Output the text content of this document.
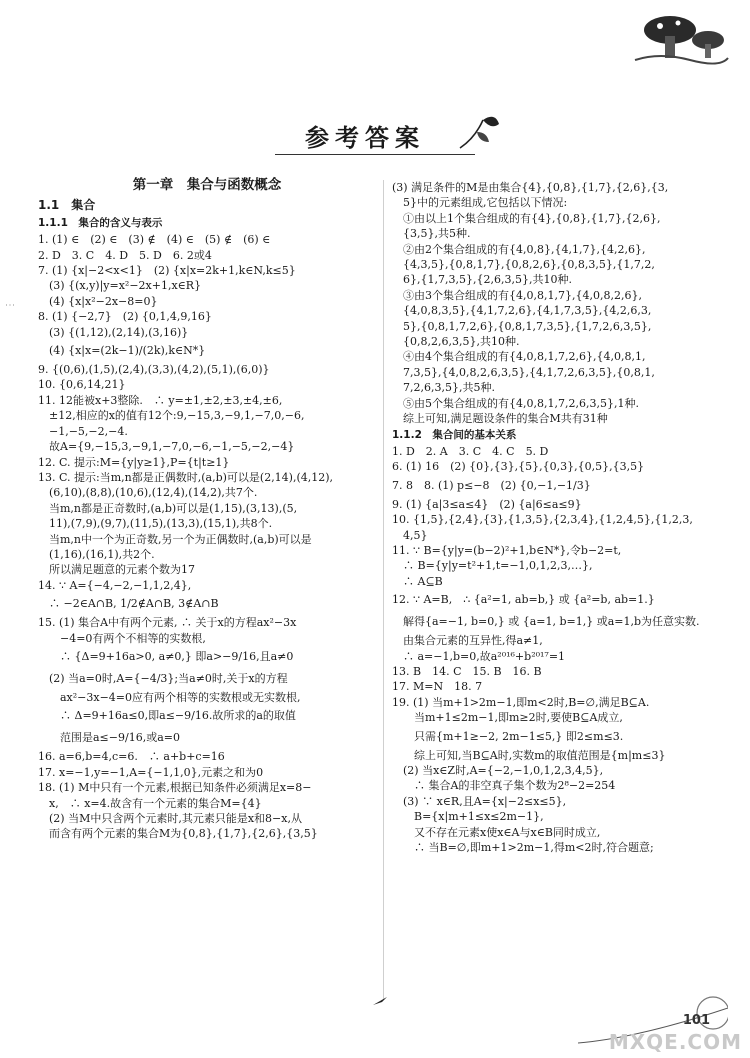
⋮
参考答案
第一章　集合与函数概念
1.1　集合
1.1.1　集合的含义与表示
1. (1) ∈　(2) ∈　(3) ∉　(4) ∈　(5) ∉　(6) ∈
2. D　3. C　4. D　5. D　6. 2或4
7. (1) {x|−2<x<1}　(2) {x|x=2k+1,k∈N,k≤5}
　(3) {(x,y)|y=x²−2x+1,x∈R}
　(4) {x|x²−2x−8=0}
8. (1) {−2,7}　(2) {0,1,4,9,16}
　(3) {(1,12),(2,14),(3,16)}
　(4) {x|x=(2k−1)/(2k),k∈N*}
9. {(0,6),(1,5),(2,4),(3,3),(4,2),(5,1),(6,0)}
10. {0,6,14,21}
11. 12能被x+3整除.　∴ y=±1,±2,±3,±4,±6,
　±12,相应的x的值有12个:9,−15,3,−9,1,−7,0,−6,
　−1,−5,−2,−4.
　故A={9,−15,3,−9,1,−7,0,−6,−1,−5,−2,−4}
12. C. 提示:M={y|y≥1},P={t|t≥1}
13. C. 提示:当m,n都是正偶数时,(a,b)可以是(2,14),(4,12),
　(6,10),(8,8),(10,6),(12,4),(14,2),共7个.
　当m,n都是正奇数时,(a,b)可以是(1,15),(3,13),(5,
　11),(7,9),(9,7),(11,5),(13,3),(15,1),共8个.
　当m,n中一个为正奇数,另一个为正偶数时,(a,b)可以是
　(1,16),(16,1),共2个.
　所以满足题意的元素个数为17
14. ∵ A={−4,−2,−1,1,2,4},
　∴ −2∈A∩B, 1/2∉A∩B, 3∉A∩B
15. (1) 集合A中有两个元素, ∴ 关于x的方程ax²−3x
　　−4=0有两个不相等的实数根,
　　∴ {Δ=9+16a>0, a≠0,} 即a>−9/16,且a≠0
　(2) 当a=0时,A={−4/3};当a≠0时,关于x的方程
　　ax²−3x−4=0应有两个相等的实数根或无实数根,
　　∴ Δ=9+16a≤0,即a≤−9/16.故所求的a的取值
　　范围是a≤−9/16,或a=0
16. a=6,b=4,c=6.　∴ a+b+c=16
17. x=−1,y=−1,A={−1,1,0},元素之和为0
18. (1) M中只有一个元素,根据已知条件必须满足x=8−
　x,　∴ x=4.故含有一个元素的集合M={4}
　(2) 当M中只含两个元素时,其元素只能是x和8−x,从
　而含有两个元素的集合M为{0,8},{1,7},{2,6},{3,5}
(3) 满足条件的M是由集合{4},{0,8},{1,7},{2,6},{3,
　5}中的元素组成,它包括以下情况:
　①由以上1个集合组成的有{4},{0,8},{1,7},{2,6},
　{3,5},共5种.
　②由2个集合组成的有{4,0,8},{4,1,7},{4,2,6},
　{4,3,5},{0,8,1,7},{0,8,2,6},{0,8,3,5},{1,7,2,
　6},{1,7,3,5},{2,6,3,5},共10种.
　③由3个集合组成的有{4,0,8,1,7},{4,0,8,2,6},
　{4,0,8,3,5},{4,1,7,2,6},{4,1,7,3,5},{4,2,6,3,
　5},{0,8,1,7,2,6},{0,8,1,7,3,5},{1,7,2,6,3,5},
　{0,8,2,6,3,5},共10种.
　④由4个集合组成的有{4,0,8,1,7,2,6},{4,0,8,1,
　7,3,5},{4,0,8,2,6,3,5},{4,1,7,2,6,3,5},{0,8,1,
　7,2,6,3,5},共5种.
　⑤由5个集合组成的有{4,0,8,1,7,2,6,3,5},1种.
　综上可知,满足题设条件的集合M共有31种
1.1.2　集合间的基本关系
1. D　2. A　3. C　4. C　5. D
6. (1) 16　(2) {0},{3},{5},{0,3},{0,5},{3,5}
7. 8　8. (1) p≤−8　(2) {0,−1,−1/3}
9. (1) {a|3≤a≤4}　(2) {a|6≤a≤9}
10. {1,5},{2,4},{3},{1,3,5},{2,3,4},{1,2,4,5},{1,2,3,
　4,5}
11. ∵ B={y|y=(b−2)²+1,b∈N*},令b−2=t,
　∴ B={y|y=t²+1,t=−1,0,1,2,3,…},
　∴ A⊆B
12. ∵ A=B,　∴ {a²=1, ab=b,} 或 {a²=b, ab=1.}
　解得{a=−1, b=0,} 或 {a=1, b=1,} 或a=1,b为任意实数.
　由集合元素的互异性,得a≠1,
　∴ a=−1,b=0,故a²⁰¹⁶+b²⁰¹⁷=1
13. B　14. C　15. B　16. B
17. M=N　18. 7
19. (1) 当m+1>2m−1,即m<2时,B=∅,满足B⊆A.
　　当m+1≤2m−1,即m≥2时,要使B⊆A成立,
　　只需{m+1≥−2, 2m−1≤5,} 即2≤m≤3.
　　综上可知,当B⊆A时,实数m的取值范围是{m|m≤3}
　(2) 当x∈Z时,A={−2,−1,0,1,2,3,4,5},
　　∴ 集合A的非空真子集个数为2⁸−2=254
　(3) ∵ x∈R,且A={x|−2≤x≤5},
　　B={x|m+1≤x≤2m−1},
　　又不存在元素x使x∈A与x∈B同时成立,
　　∴ 当B=∅,即m+1>2m−1,得m<2时,符合题意;
101
MXQE.COM
